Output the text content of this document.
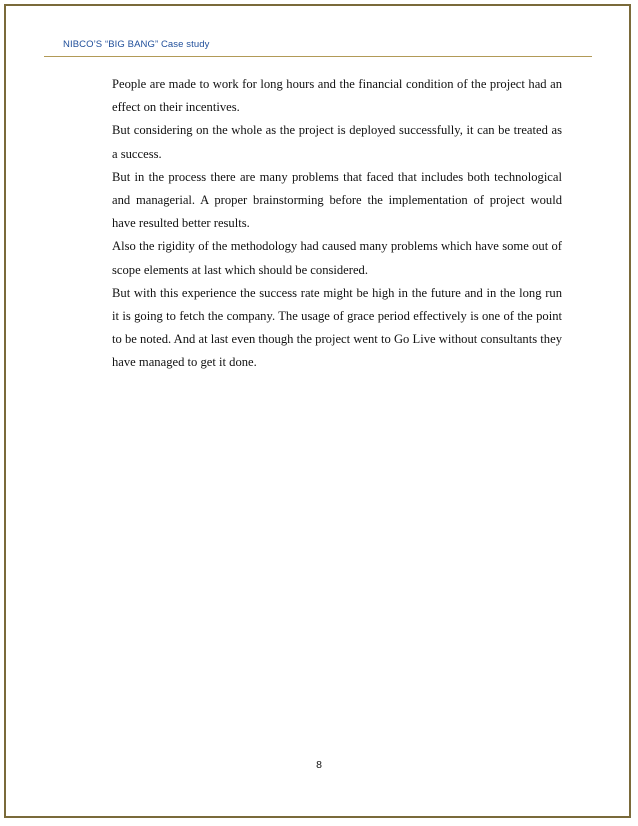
NIBCO’S “BIG BANG” Case study

People are made to work for long hours and the financial condition of the project had an effect on their incentives.

But considering on the whole as the project is deployed successfully, it can be treated as a success.

But in the process there are many problems that faced that includes both technological and managerial. A proper brainstorming before the implementation of project would have resulted better results.

Also the rigidity of the methodology had caused many problems which have some out of scope elements at last which should be considered.

But with this experience the success rate might be high in the future and in the long run it is going to fetch the company. The usage of grace period effectively is one of the point to be noted. And at last even though the project went to Go Live without consultants they have managed to get it done.

8
